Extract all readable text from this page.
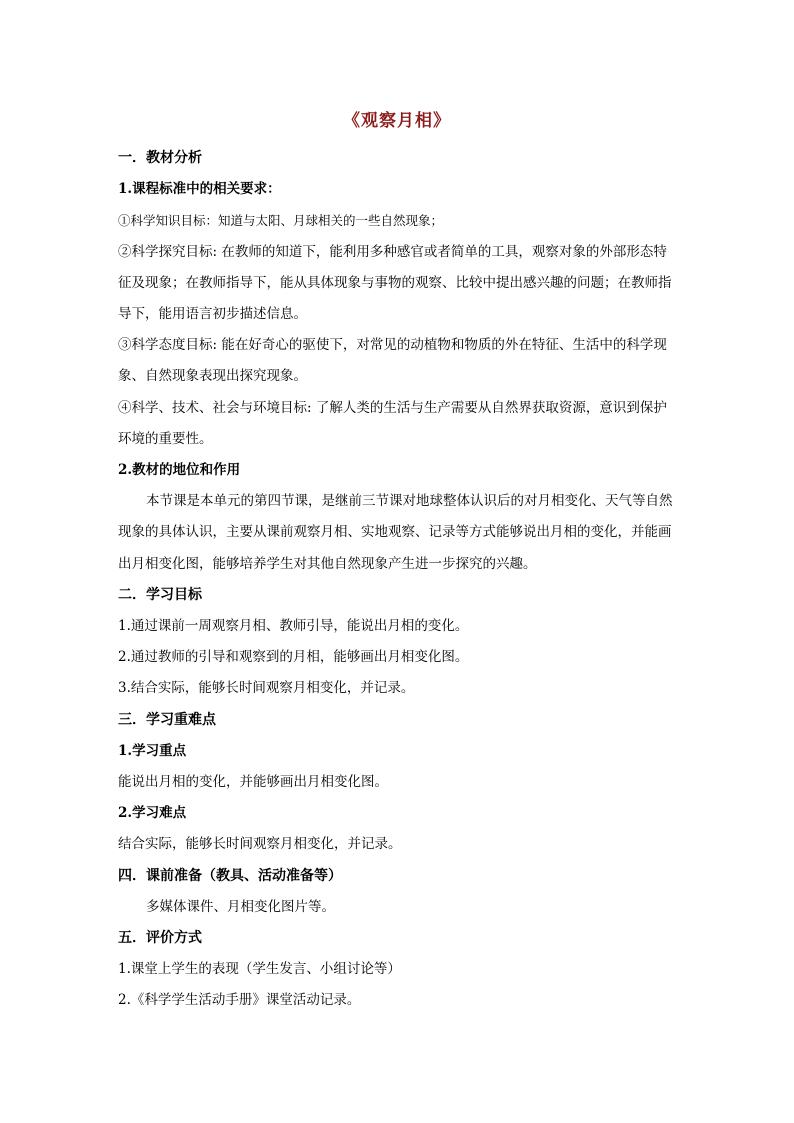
《观察月相》

一．教材分析

1.课程标准中的相关要求：

①科学知识目标：知道与太阳、月球相关的一些自然现象；

②科学探究目标: 在教师的知道下，能利用多种感官或者简单的工具，观察对象的外部形态特征及现象；在教师指导下，能从具体现象与事物的观察、比较中提出感兴趣的问题；在教师指导下，能用语言初步描述信息。

③科学态度目标: 能在好奇心的驱使下，对常见的动植物和物质的外在特征、生活中的科学现象、自然现象表现出探究现象。

④科学、技术、社会与环境目标: 了解人类的生活与生产需要从自然界获取资源，意识到保护环境的重要性。

2.教材的地位和作用

本节课是本单元的第四节课，是继前三节课对地球整体认识后的对月相变化、天气等自然现象的具体认识，主要从课前观察月相、实地观察、记录等方式能够说出月相的变化，并能画出月相变化图，能够培养学生对其他自然现象产生进一步探究的兴趣。

二．学习目标

1.通过课前一周观察月相、教师引导，能说出月相的变化。

2.通过教师的引导和观察到的月相，能够画出月相变化图。

3.结合实际，能够长时间观察月相变化，并记录。

三．学习重难点

1.学习重点

能说出月相的变化，并能够画出月相变化图。

2.学习难点

结合实际，能够长时间观察月相变化，并记录。

四．课前准备（教具、活动准备等）

多媒体课件、月相变化图片等。

五．评价方式

1.课堂上学生的表现（学生发言、小组讨论等）

2.《科学学生活动手册》课堂活动记录。
